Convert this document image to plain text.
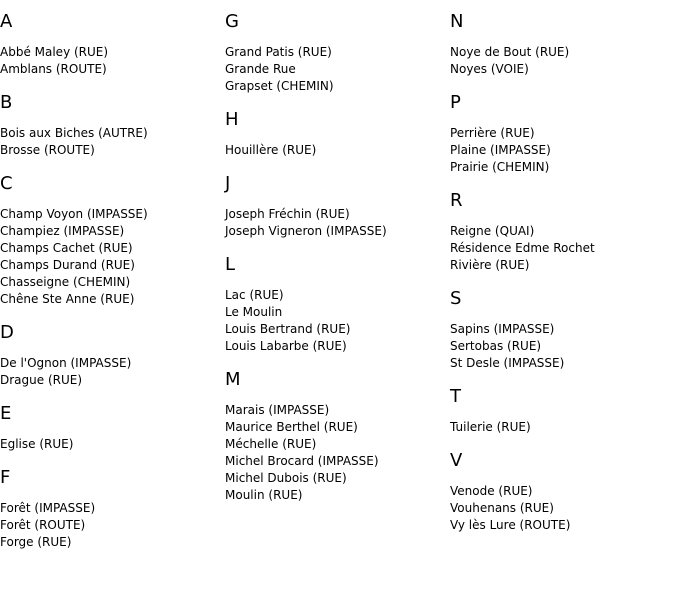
A
Abbé Maley (RUE)
Amblans (ROUTE)
B
Bois aux Biches (AUTRE)
Brosse (ROUTE)
C
Champ Voyon (IMPASSE)
Champiez (IMPASSE)
Champs Cachet (RUE)
Champs Durand (RUE)
Chasseigne (CHEMIN)
Chêne Ste Anne (RUE)
D
De l'Ognon (IMPASSE)
Drague (RUE)
E
Eglise (RUE)
F
Forêt (IMPASSE)
Forêt (ROUTE)
Forge (RUE)
G
Grand Patis (RUE)
Grande Rue
Grapset (CHEMIN)
H
Houillère (RUE)
J
Joseph Fréchin (RUE)
Joseph Vigneron (IMPASSE)
L
Lac (RUE)
Le Moulin
Louis Bertrand (RUE)
Louis Labarbe (RUE)
M
Marais (IMPASSE)
Maurice Berthel (RUE)
Méchelle (RUE)
Michel Brocard (IMPASSE)
Michel Dubois (RUE)
Moulin (RUE)
N
Noye de Bout (RUE)
Noyes (VOIE)
P
Perrière (RUE)
Plaine (IMPASSE)
Prairie (CHEMIN)
R
Reigne (QUAI)
Résidence Edme Rochet
Rivière (RUE)
S
Sapins (IMPASSE)
Sertobas (RUE)
St Desle (IMPASSE)
T
Tuilerie (RUE)
V
Venode (RUE)
Vouhenans (RUE)
Vy lès Lure (ROUTE)
